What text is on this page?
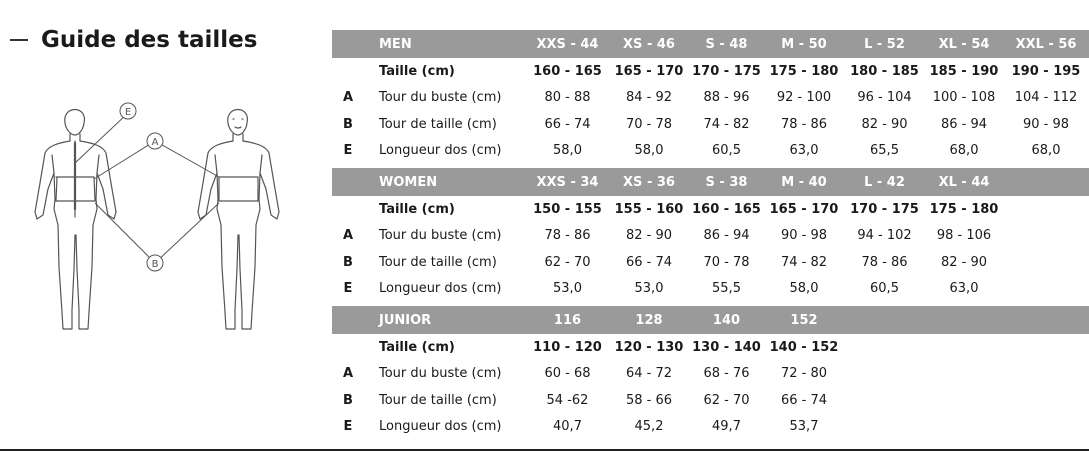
Guide des tailles
E
A
B
	MEN	XXS - 44	XS - 46	S - 48	M - 50	L - 52	XL - 54	XXL - 56
	Taille (cm)	160 - 165	165 - 170	170 - 175	175 - 180	180 - 185	185 - 190	190 - 195
A	Tour du buste (cm)	80 - 88	84 - 92	88 - 96	92 - 100	96 - 104	100 - 108	104 - 112
B	Tour de taille (cm)	66 - 74	70 - 78	74 - 82	78 - 86	82 - 90	86 - 94	90 - 98
E	Longueur dos (cm)	58,0	58,0	60,5	63,0	65,5	68,0	68,0

	WOMEN	XXS - 34	XS - 36	S - 38	M - 40	L - 42	XL - 44	
	Taille (cm)	150 - 155	155 - 160	160 - 165	165 - 170	170 - 175	175 - 180	
A	Tour du buste (cm)	78 - 86	82 - 90	86 - 94	90 - 98	94 - 102	98 - 106	
B	Tour de taille (cm)	62 - 70	66 - 74	70 - 78	74 - 82	78 - 86	82 - 90	
E	Longueur dos (cm)	53,0	53,0	55,5	58,0	60,5	63,0	

	JUNIOR	116	128	140	152			
	Taille (cm)	110 - 120	120 - 130	130 - 140	140 - 152			
A	Tour du buste (cm)	60 - 68	64 - 72	68 - 76	72 - 80			
B	Tour de taille (cm)	54 -62	58 - 66	62 - 70	66 - 74			
E	Longueur dos (cm)	40,7	45,2	49,7	53,7			
